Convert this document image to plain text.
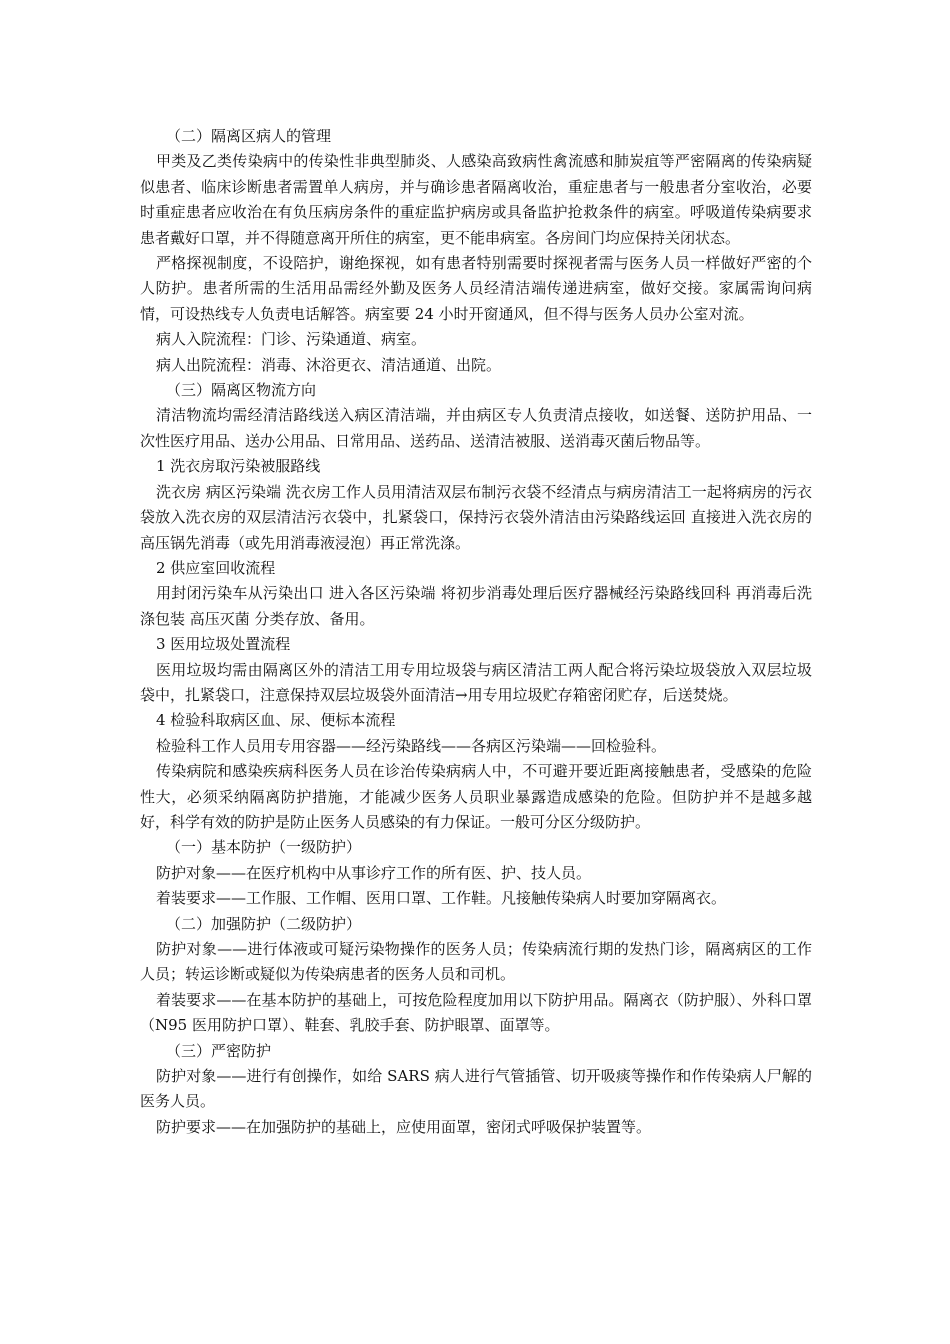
（二）隔离区病人的管理

甲类及乙类传染病中的传染性非典型肺炎、人感染高致病性禽流感和肺炭疽等严密隔离的传染病疑似患者、临床诊断患者需置单人病房，并与确诊患者隔离收治，重症患者与一般患者分室收治，必要时重症患者应收治在有负压病房条件的重症监护病房或具备监护抢救条件的病室。呼吸道传染病要求患者戴好口罩，并不得随意离开所住的病室，更不能串病室。各房间门均应保持关闭状态。

严格探视制度，不设陪护，谢绝探视，如有患者特别需要时探视者需与医务人员一样做好严密的个人防护。患者所需的生活用品需经外勤及医务人员经清洁端传递进病室，做好交接。家属需询问病情，可设热线专人负责电话解答。病室要 24 小时开窗通风，但不得与医务人员办公室对流。

病人入院流程：门诊、污染通道、病室。

病人出院流程：消毒、沐浴更衣、清洁通道、出院。

（三）隔离区物流方向

清洁物流均需经清洁路线送入病区清洁端，并由病区专人负责清点接收，如送餐、送防护用品、一次性医疗用品、送办公用品、日常用品、送药品、送清洁被服、送消毒灭菌后物品等。

1 洗衣房取污染被服路线

洗衣房 病区污染端 洗衣房工作人员用清洁双层布制污衣袋不经清点与病房清洁工一起将病房的污衣袋放入洗衣房的双层清洁污衣袋中，扎紧袋口，保持污衣袋外清洁由污染路线运回 直接进入洗衣房的高压锅先消毒（或先用消毒液浸泡）再正常洗涤。

2 供应室回收流程

用封闭污染车从污染出口 进入各区污染端 将初步消毒处理后医疗器械经污染路线回科 再消毒后洗涤包装 高压灭菌 分类存放、备用。

3 医用垃圾处置流程

医用垃圾均需由隔离区外的清洁工用专用垃圾袋与病区清洁工两人配合将污染垃圾袋放入双层垃圾袋中，扎紧袋口，注意保持双层垃圾袋外面清洁→用专用垃圾贮存箱密闭贮存，后送焚烧。

4 检验科取病区血、尿、便标本流程

检验科工作人员用专用容器——经污染路线——各病区污染端——回检验科。

传染病院和感染疾病科医务人员在诊治传染病病人中，不可避开要近距离接触患者，受感染的危险性大，必须采纳隔离防护措施，才能减少医务人员职业暴露造成感染的危险。但防护并不是越多越好，科学有效的防护是防止医务人员感染的有力保证。一般可分区分级防护。

（一）基本防护（一级防护）

防护对象——在医疗机构中从事诊疗工作的所有医、护、技人员。

着装要求——工作服、工作帽、医用口罩、工作鞋。凡接触传染病人时要加穿隔离衣。

（二）加强防护（二级防护）

防护对象——进行体液或可疑污染物操作的医务人员；传染病流行期的发热门诊，隔离病区的工作人员；转运诊断或疑似为传染病患者的医务人员和司机。

着装要求——在基本防护的基础上，可按危险程度加用以下防护用品。隔离衣（防护服）、外科口罩（N95 医用防护口罩）、鞋套、乳胶手套、防护眼罩、面罩等。

（三）严密防护

防护对象——进行有创操作，如给 SARS 病人进行气管插管、切开吸痰等操作和作传染病人尸解的医务人员。

防护要求——在加强防护的基础上，应使用面罩，密闭式呼吸保护装置等。
